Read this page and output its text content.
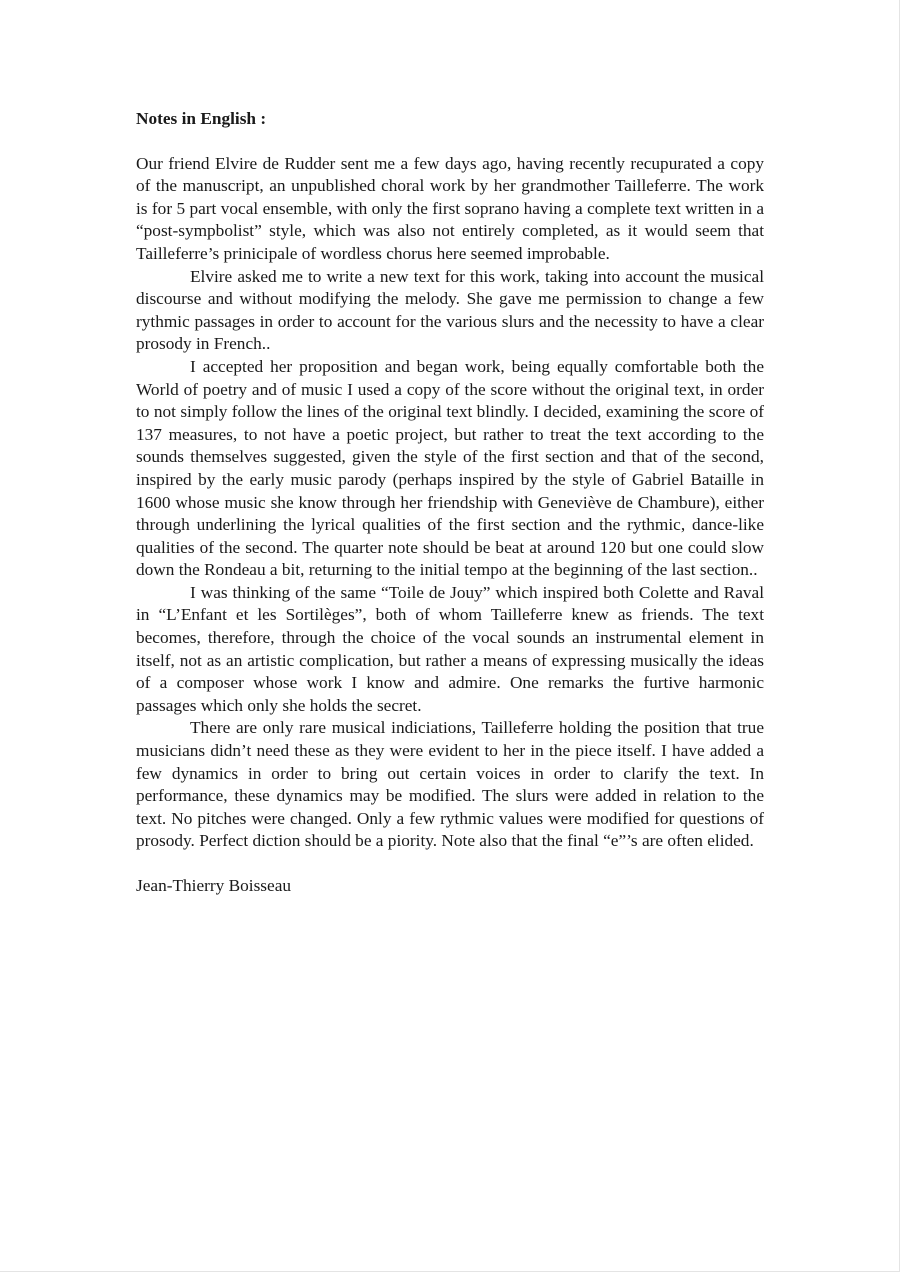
Notes in English :

Our friend Elvire de Rudder sent me a few days ago, having recently recupurated a copy of the manuscript, an unpublished choral work by her grandmother Tailleferre. The work is for 5 part vocal ensemble, with only the first soprano having a complete text written in a “post-sympbolist” style, which was also not entirely completed, as it would seem that Tailleferre’s prinicipale of wordless chorus here seemed improbable.

Elvire asked me to write a new text for this work, taking into account the musical discourse and without modifying the melody. She gave me permission to change a few rythmic passages in order to account for the various slurs and the necessity to have a clear prosody in French..

I accepted her proposition and began work, being equally comfortable both the World of poetry and of music I used a copy of the score without the original text, in order to not simply follow the lines of the original text blindly. I decided, examining the score of 137 measures, to not have a poetic project, but rather to treat the text according to the sounds themselves suggested, given the style of the first section and that of the second, inspired by the early music parody (perhaps inspired by the style of Gabriel Bataille in 1600 whose music she know through her friendship with Geneviève de Chambure), either through underlining the lyrical qualities of the first section and the rythmic, dance-like qualities of the second. The quarter note should be beat at around 120 but one could slow down the Rondeau a bit, returning to the initial tempo at the beginning of the last section..

I was thinking of the same “Toile de Jouy” which inspired both Colette and Raval in “L’Enfant et les Sortilèges”, both of whom Tailleferre knew as friends. The text becomes, therefore, through the choice of the vocal sounds an instrumental element in itself, not as an artistic complication, but rather a means of expressing musically the ideas of a composer whose work I know and admire. One remarks the furtive harmonic passages which only she holds the secret.

There are only rare musical indiciations, Tailleferre holding the position that true musicians didn’t need these as they were evident to her in the piece itself. I have added a few dynamics in order to bring out certain voices in order to clarify the text. In performance, these dynamics may be modified. The slurs were added in relation to the text. No pitches were changed. Only a few rythmic values were modified for questions of prosody. Perfect diction should be a piority. Note also that the final “e”’s are often elided.

Jean-Thierry Boisseau
